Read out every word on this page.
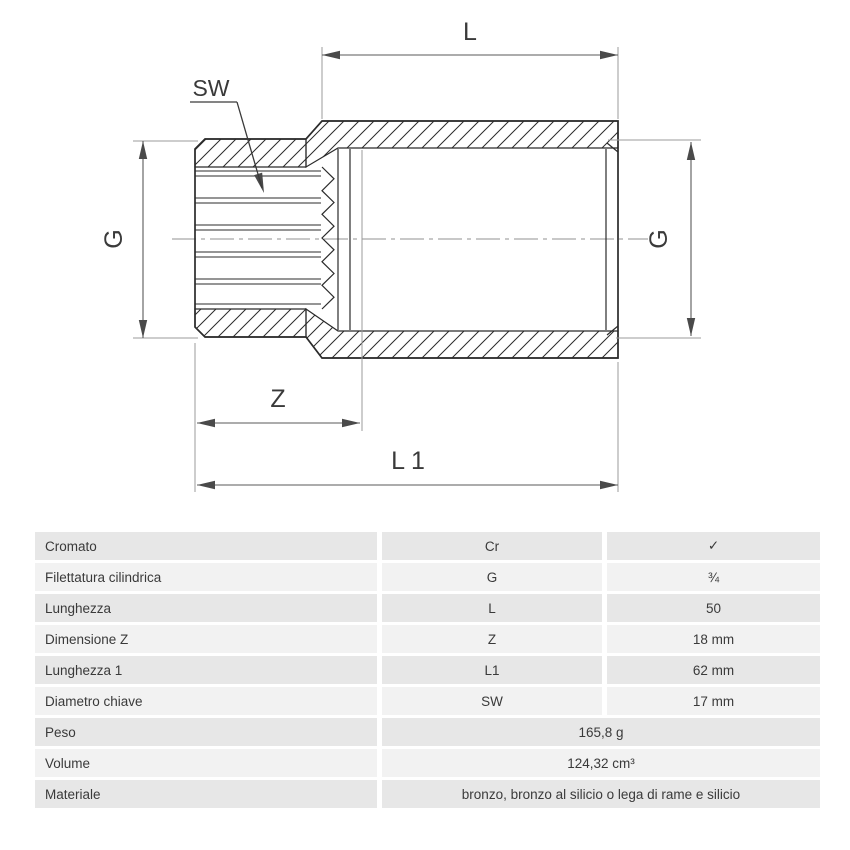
L
SW
G	G
Z
L 1
Cromato	Cr	✓
Filettatura cilindrica	G	¾
Lunghezza	L	50
Dimensione Z	Z	18 mm
Lunghezza 1	L1	62 mm
Diametro chiave	SW	17 mm
Peso	165,8 g
Volume	124,32 cm³
Materiale	bronzo, bronzo al silicio o lega di rame e silicio
